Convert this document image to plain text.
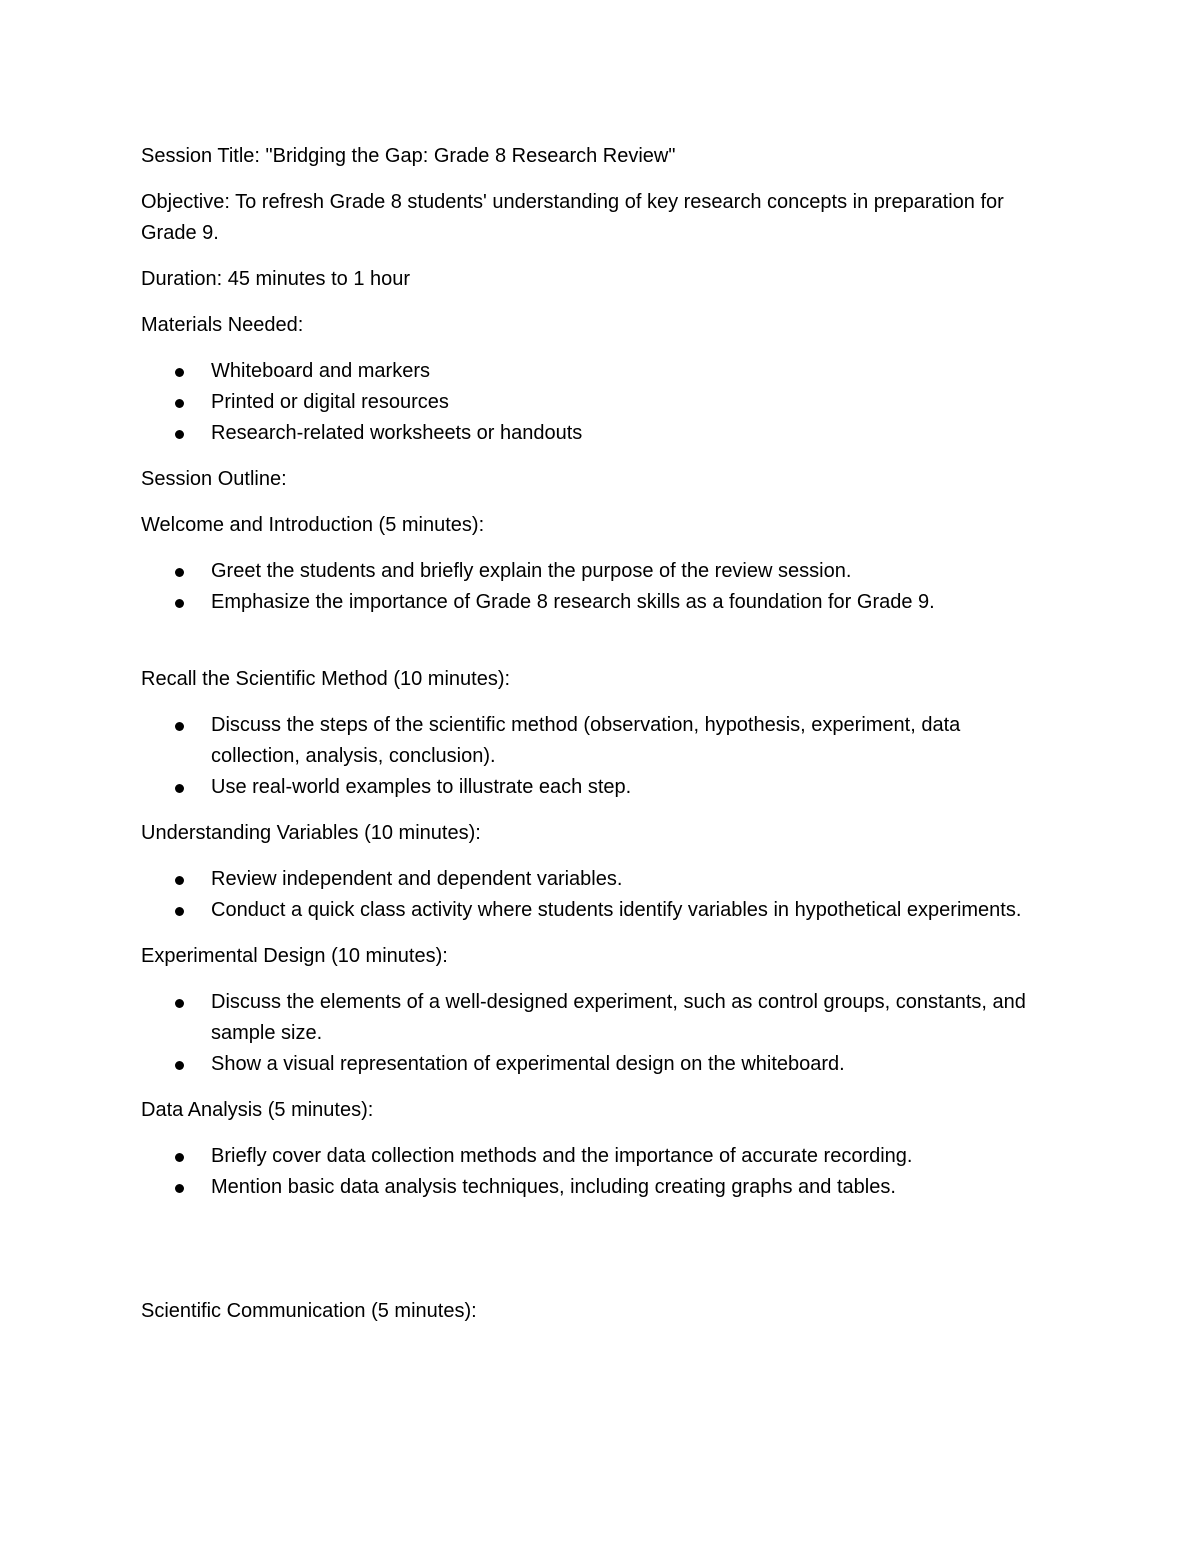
Session Title: "Bridging the Gap: Grade 8 Research Review"

Objective: To refresh Grade 8 students' understanding of key research concepts in preparation for Grade 9.

Duration: 45 minutes to 1 hour

Materials Needed:

Whiteboard and markers
Printed or digital resources
Research-related worksheets or handouts

Session Outline:

Welcome and Introduction (5 minutes):

Greet the students and briefly explain the purpose of the review session.
Emphasize the importance of Grade 8 research skills as a foundation for Grade 9.

Recall the Scientific Method (10 minutes):

Discuss the steps of the scientific method (observation, hypothesis, experiment, data collection, analysis, conclusion).
Use real-world examples to illustrate each step.

Understanding Variables (10 minutes):

Review independent and dependent variables.
Conduct a quick class activity where students identify variables in hypothetical experiments.

Experimental Design (10 minutes):

Discuss the elements of a well-designed experiment, such as control groups, constants, and sample size.
Show a visual representation of experimental design on the whiteboard.

Data Analysis (5 minutes):

Briefly cover data collection methods and the importance of accurate recording.
Mention basic data analysis techniques, including creating graphs and tables.

Scientific Communication (5 minutes):
